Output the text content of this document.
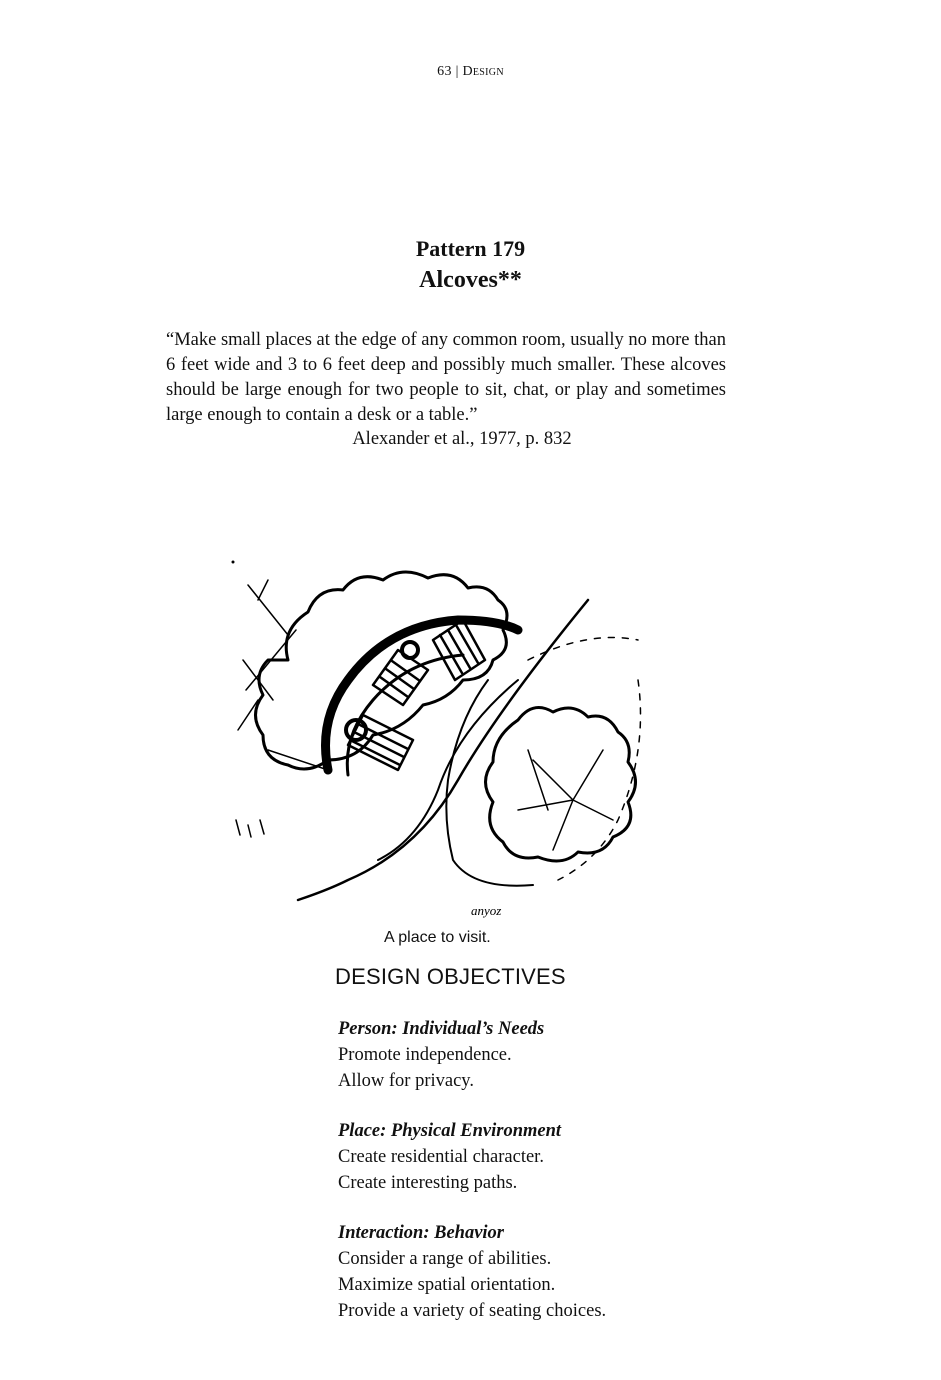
63 | Design
Pattern 179
Alcoves**
“Make small places at the edge of any common room, usually no more than 6 feet wide and 3 to 6 feet deep and possibly much smaller. These alcoves should be large enough for two people to sit, chat, or play and sometimes large enough to contain a desk or a table.”
Alexander et al., 1977, p. 832
anyoz
A place to visit.
DESIGN OBJECTIVES
Person: Individual’s Needs
Promote independence.
Allow for privacy.
Place: Physical Environment
Create residential character.
Create interesting paths.
Interaction: Behavior
Consider a range of abilities.
Maximize spatial orientation.
Provide a variety of seating choices.
